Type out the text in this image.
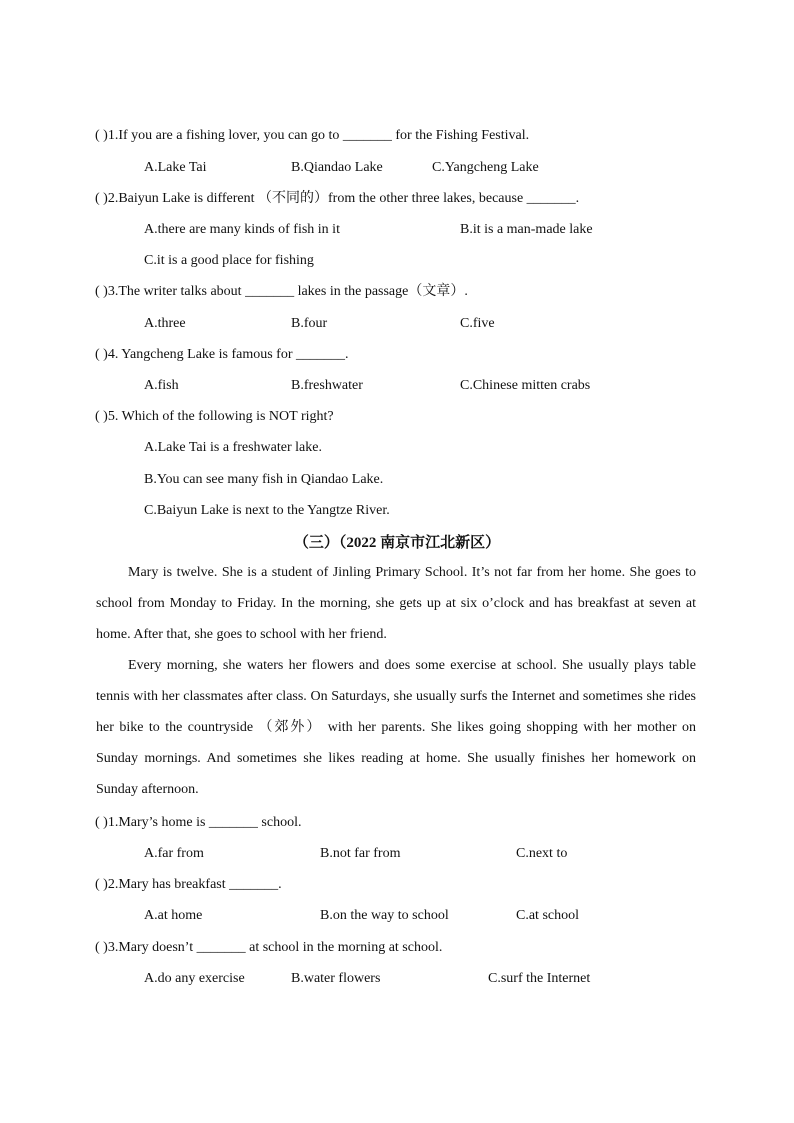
( )1.If you are a fishing lover, you can go to _______ for the Fishing Festival.
A.Lake Tai	B.Qiandao Lake	C.Yangcheng Lake
( )2.Baiyun Lake is different （不同的）from the other three lakes, because _______.
A.there are many kinds of fish in it	B.it is a man-made lake
C.it is a good place for fishing
( )3.The writer talks about _______ lakes in the passage（文章）.
A.three	B.four	C.five
( )4. Yangcheng Lake is famous for _______.
A.fish	B.freshwater	C.Chinese mitten crabs
( )5. Which of the following is NOT right?
A.Lake Tai is a freshwater lake.
B.You can see many fish in Qiandao Lake.
C.Baiyun Lake is next to the Yangtze River.
（三）（2022 南京市江北新区）

Mary is twelve. She is a student of Jinling Primary School. It’s not far from her home. She goes to school from Monday to Friday. In the morning, she gets up at six o’clock and has breakfast at seven at home. After that, she goes to school with her friend.

Every morning, she waters her flowers and does some exercise at school. She usually plays table tennis with her classmates after class. On Saturdays, she usually surfs the Internet and sometimes she rides her bike to the countryside （郊外） with her parents. She likes going shopping with her mother on Sunday mornings. And sometimes she likes reading at home. She usually finishes her homework on Sunday afternoon.

( )1.Mary’s home is _______ school.
A.far from	B.not far from	C.next to
( )2.Mary has breakfast _______.
A.at home	B.on the way to school	C.at school
( )3.Mary doesn’t _______ at school in the morning at school.
A.do any exercise	B.water flowers	C.surf the Internet
